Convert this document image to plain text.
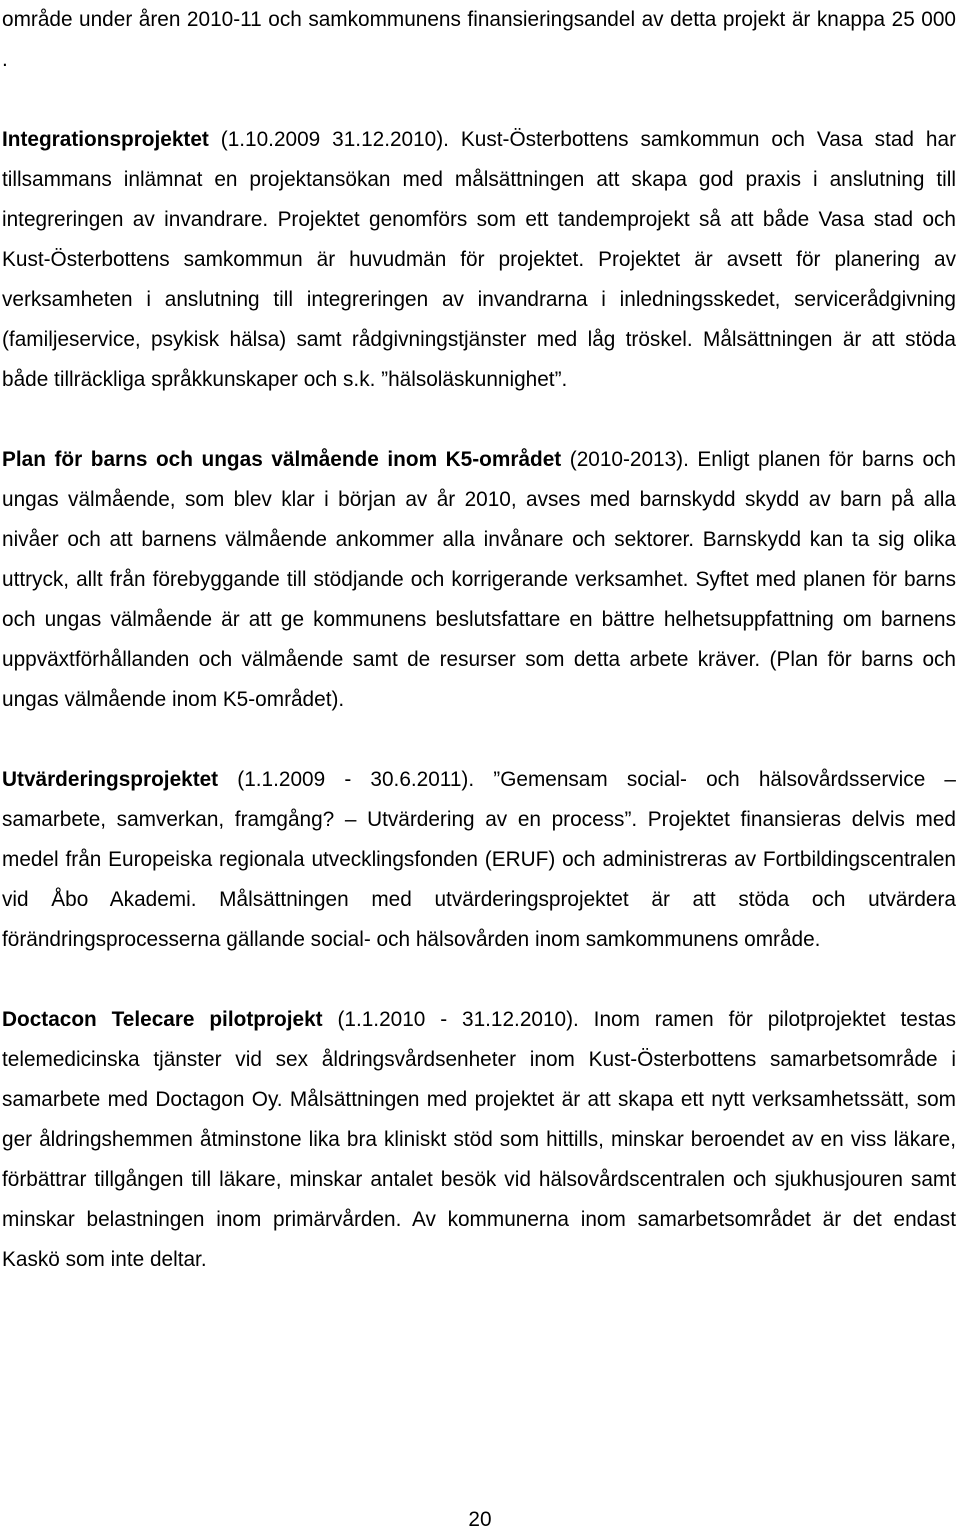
område under åren 2010-11 och samkommunens finansieringsandel av detta projekt är knappa 25 000 .

Integrationsprojektet (1.10.2009 31.12.2010). Kust-Österbottens samkommun och Vasa stad har tillsammans inlämnat en projektansökan med målsättningen att skapa god praxis i anslutning till integreringen av invandrare. Projektet genomförs som ett tandemprojekt så att både Vasa stad och Kust-Österbottens samkommun är huvudmän för projektet. Projektet är avsett för planering av verksamheten i anslutning till integreringen av invandrarna i inledningsskedet, servicerådgivning (familjeservice, psykisk hälsa) samt rådgivningstjänster med låg tröskel. Målsättningen är att stöda både tillräckliga språkkunskaper och s.k. ”hälsoläskunnighet”.

Plan för barns och ungas välmående inom K5-området (2010-2013). Enligt planen för barns och ungas välmående, som blev klar i början av år 2010, avses med barnskydd skydd av barn på alla nivåer och att barnens välmående ankommer alla invånare och sektorer. Barnskydd kan ta sig olika uttryck, allt från förebyggande till stödjande och korrigerande verksamhet. Syftet med planen för barns och ungas välmående är att ge kommunens beslutsfattare en bättre helhetsuppfattning om barnens uppväxtförhållanden och välmående samt de resurser som detta arbete kräver. (Plan för barns och ungas välmående inom K5-området).

Utvärderingsprojektet (1.1.2009 - 30.6.2011). ”Gemensam social- och hälsovårdsservice – samarbete, samverkan, framgång? – Utvärdering av en process”. Projektet finansieras delvis med medel från Europeiska regionala utvecklingsfonden (ERUF) och administreras av Fortbildingscentralen vid Åbo Akademi. Målsättningen med utvärderingsprojektet är att stöda och utvärdera förändringsprocesserna gällande social- och hälsovården inom samkommunens område.

Doctacon Telecare pilotprojekt (1.1.2010 - 31.12.2010). Inom ramen för pilotprojektet testas telemedicinska tjänster vid sex åldringsvårdsenheter inom Kust-Österbottens samarbetsområde i samarbete med Doctagon Oy. Målsättningen med projektet är att skapa ett nytt verksamhetssätt, som ger åldringshemmen åtminstone lika bra kliniskt stöd som hittills, minskar beroendet av en viss läkare, förbättrar tillgången till läkare, minskar antalet besök vid hälsovårdscentralen och sjukhusjouren samt minskar belastningen inom primärvården. Av kommunerna inom samarbetsområdet är det endast Kaskö som inte deltar.

20
